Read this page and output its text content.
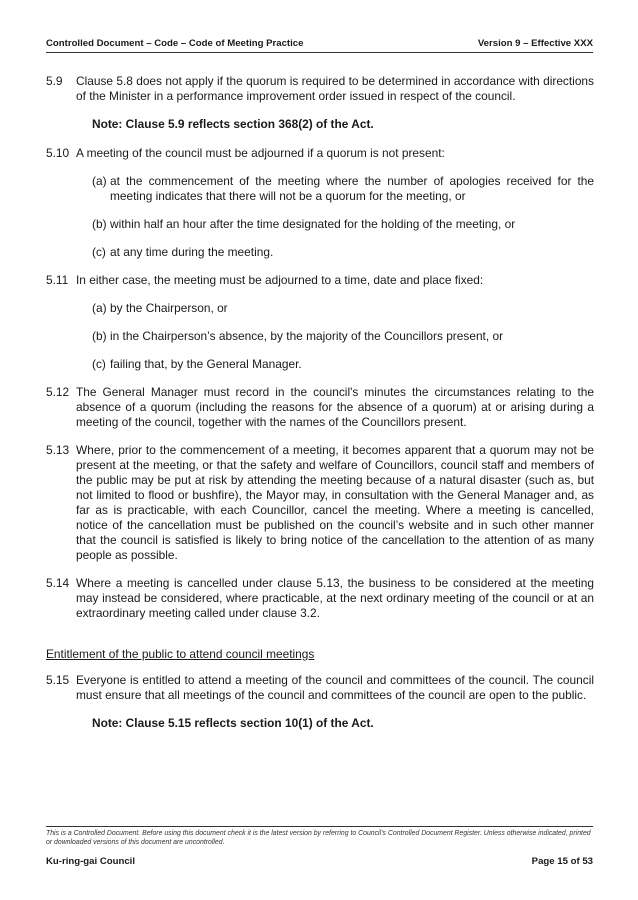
Controlled Document – Code – Code of Meeting Practice	Version 9 – Effective XXX
5.9	Clause 5.8 does not apply if the quorum is required to be determined in accordance with directions of the Minister in a performance improvement order issued in respect of the council.
Note: Clause 5.9 reflects section 368(2) of the Act.
5.10 A meeting of the council must be adjourned if a quorum is not present:
(a) at the commencement of the meeting where the number of apologies received for the meeting indicates that there will not be a quorum for the meeting, or
(b) within half an hour after the time designated for the holding of the meeting, or
(c) at any time during the meeting.
5.11 In either case, the meeting must be adjourned to a time, date and place fixed:
(a) by the Chairperson, or
(b) in the Chairperson’s absence, by the majority of the Councillors present, or
(c) failing that, by the General Manager.
5.12 The General Manager must record in the council's minutes the circumstances relating to the absence of a quorum (including the reasons for the absence of a quorum) at or arising during a meeting of the council, together with the names of the Councillors present.
5.13 Where, prior to the commencement of a meeting, it becomes apparent that a quorum may not be present at the meeting, or that the safety and welfare of Councillors, council staff and members of the public may be put at risk by attending the meeting because of a natural disaster (such as, but not limited to flood or bushfire), the Mayor may, in consultation with the General Manager and, as far as is practicable, with each Councillor, cancel the meeting. Where a meeting is cancelled, notice of the cancellation must be published on the council’s website and in such other manner that the council is satisfied is likely to bring notice of the cancellation to the attention of as many people as possible.
5.14 Where a meeting is cancelled under clause 5.13, the business to be considered at the meeting may instead be considered, where practicable, at the next ordinary meeting of the council or at an extraordinary meeting called under clause 3.2.
Entitlement of the public to attend council meetings
5.15 Everyone is entitled to attend a meeting of the council and committees of the council. The council must ensure that all meetings of the council and committees of the council are open to the public.
Note: Clause 5.15 reflects section 10(1) of the Act.
This is a Controlled Document. Before using this document check it is the latest version by referring to Council’s Controlled Document Register. Unless otherwise indicated, printed or downloaded versions of this document are uncontrolled.
Ku-ring-gai Council	Page 15 of 53
